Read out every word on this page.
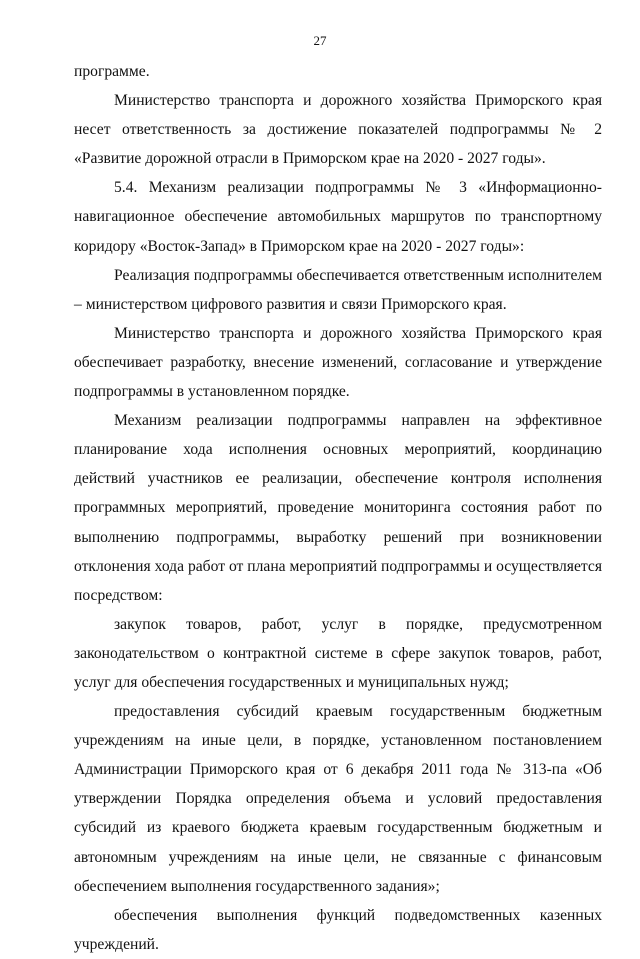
27

программе.

Министерство транспорта и дорожного хозяйства Приморского края несет ответственность за достижение показателей подпрограммы № 2 «Развитие дорожной отрасли в Приморском крае на 2020 - 2027 годы».

5.4. Механизм реализации подпрограммы № 3 «Информационно-навигационное обеспечение автомобильных маршрутов по транспортному коридору «Восток-Запад» в Приморском крае на 2020 - 2027 годы»:

Реализация подпрограммы обеспечивается ответственным исполнителем – министерством цифрового развития и связи Приморского края.

Министерство транспорта и дорожного хозяйства Приморского края обеспечивает разработку, внесение изменений, согласование и утверждение подпрограммы в установленном порядке.

Механизм реализации подпрограммы направлен на эффективное планирование хода исполнения основных мероприятий, координацию действий участников ее реализации, обеспечение контроля исполнения программных мероприятий, проведение мониторинга состояния работ по выполнению подпрограммы, выработку решений при возникновении отклонения хода работ от плана мероприятий подпрограммы и осуществляется посредством:

закупок товаров, работ, услуг в порядке, предусмотренном законодательством о контрактной системе в сфере закупок товаров, работ, услуг для обеспечения государственных и муниципальных нужд;

предоставления субсидий краевым государственным бюджетным учреждениям на иные цели, в порядке, установленном постановлением Администрации Приморского края от 6 декабря 2011 года № 313-па «Об утверждении Порядка определения объема и условий предоставления субсидий из краевого бюджета краевым государственным бюджетным и автономным учреждениям на иные цели, не связанные с финансовым обеспечением выполнения государственного задания»;

обеспечения выполнения функций подведомственных казенных учреждений.
